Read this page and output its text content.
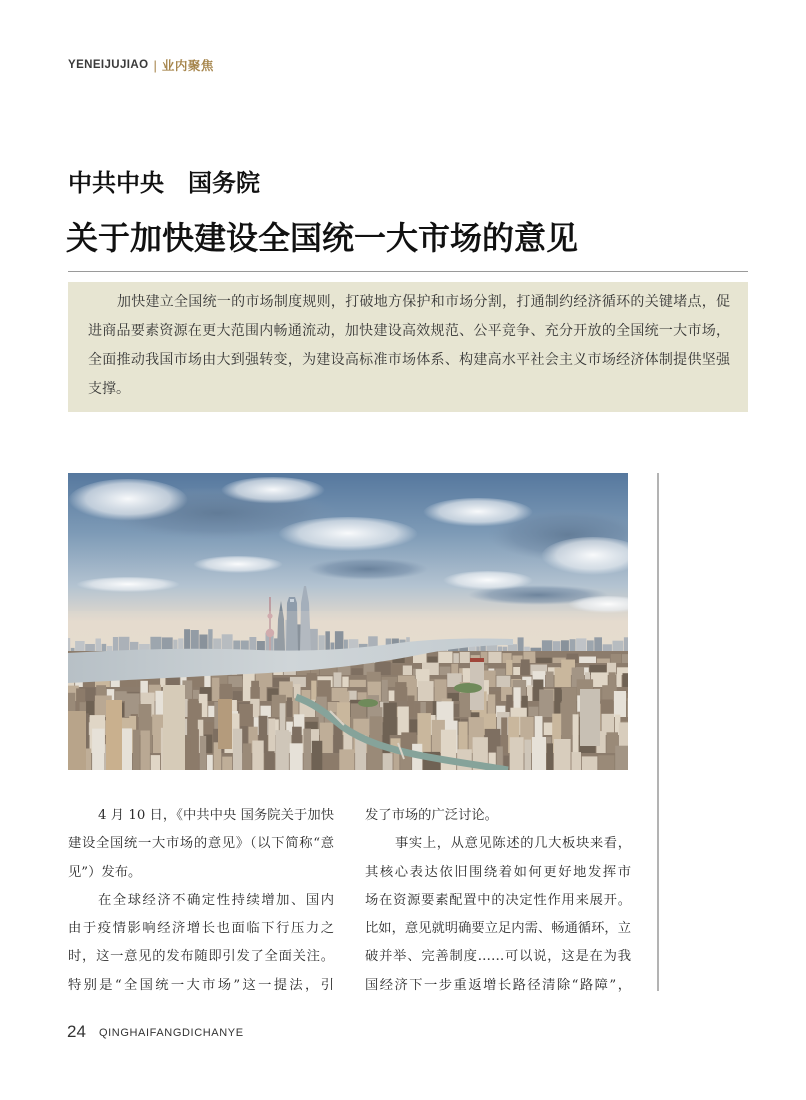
YENEIJUJIAO | 业内聚焦
中共中央　国务院
关于加快建设全国统一大市场的意见
加快建立全国统一的市场制度规则，打破地方保护和市场分割，打通制约经济循环的关键堵点，促
进商品要素资源在更大范围内畅通流动，加快建设高效规范、公平竞争、充分开放的全国统一大市场，
全面推动我国市场由大到强转变，为建设高标准市场体系、构建高水平社会主义市场经济体制提供坚强
支撑。
4 月 10 日，《中共中央 国务院关于加快
建设全国统一大市场的意见》（以下简称“意
见”）发布。
在全球经济不确定性持续增加、国内
由于疫情影响经济增长也面临下行压力之
时，这一意见的发布随即引发了全面关注。
特别是“全国统一大市场”这一提法，引
发了市场的广泛讨论。
事实上，从意见陈述的几大板块来看，
其核心表达依旧围绕着如何更好地发挥市
场在资源要素配置中的决定性作用来展开。
比如，意见就明确要立足内需、畅通循环，立
破并举、完善制度……可以说，这是在为我
国经济下一步重返增长路径清除“路障”，
24 QINGHAIFANGDICHANYE
